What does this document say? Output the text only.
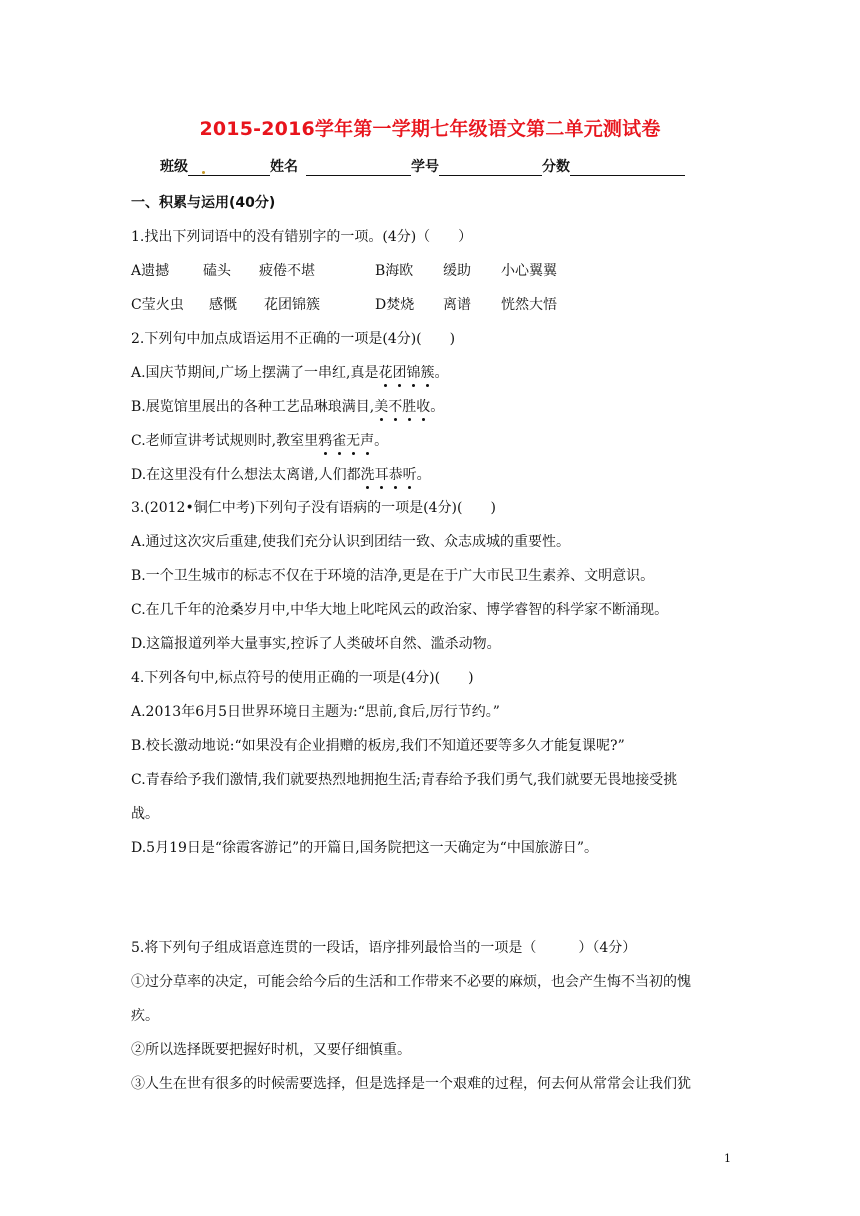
2015-2016学年第一学期七年级语文第二单元测试卷
班级	姓名	学号	分数
一、积累与运用(40分)
1.找出下列词语中的没有错别字的一项。(4分)（　　）
A遗撼 磕头 疲倦不堪	B海欧 缓助 小心翼翼
C莹火虫 感慨 花团锦簇	D焚烧 离谱 恍然大悟
2.下列句中加点成语运用不正确的一项是(4分)(　　)
A.国庆节期间,广场上摆满了一串红,真是花团锦簇。
B.展览馆里展出的各种工艺品琳琅满目,美不胜收。
C.老师宣讲考试规则时,教室里鸦雀无声。
D.在这里没有什么想法太离谱,人们都洗耳恭听。
3.(2012•铜仁中考)下列句子没有语病的一项是(4分)(　　)
A.通过这次灾后重建,使我们充分认识到团结一致、众志成城的重要性。
B.一个卫生城市的标志不仅在于环境的洁净,更是在于广大市民卫生素养、文明意识。
C.在几千年的沧桑岁月中,中华大地上叱咤风云的政治家、博学睿智的科学家不断涌现。
D.这篇报道列举大量事实,控诉了人类破坏自然、滥杀动物。
4.下列各句中,标点符号的使用正确的一项是(4分)(　　)
A.2013年6月5日世界环境日主题为:“思前,食后,厉行节约。”
B.校长激动地说:“如果没有企业捐赠的板房,我们不知道还要等多久才能复课呢?”
C.青春给予我们激情,我们就要热烈地拥抱生活;青春给予我们勇气,我们就要无畏地接受挑
战。
D.5月19日是“徐霞客游记”的开篇日,国务院把这一天确定为“中国旅游日”。
5.将下列句子组成语意连贯的一段话，语序排列最恰当的一项是（　　　）（4分）
①过分草率的决定，可能会给今后的生活和工作带来不必要的麻烦，也会产生悔不当初的愧
疚。
②所以选择既要把握好时机，又要仔细慎重。
③人生在世有很多的时候需要选择，但是选择是一个艰难的过程，何去何从常常会让我们犹
1
